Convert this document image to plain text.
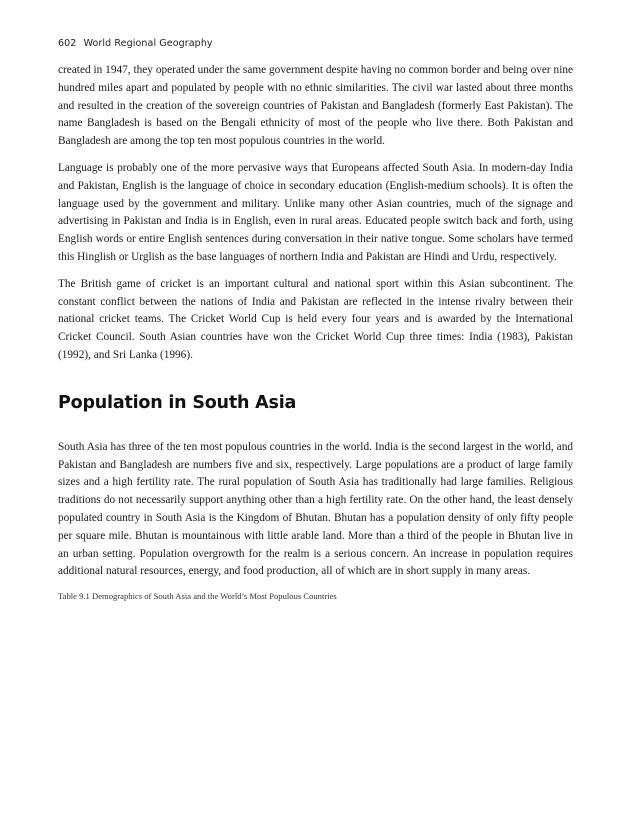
602 World Regional Geography

created in 1947, they operated under the same government despite having no common border and being over nine hundred miles apart and populated by people with no ethnic similarities. The civil war lasted about three months and resulted in the creation of the sovereign countries of Pakistan and Bangladesh (formerly East Pakistan). The name Bangladesh is based on the Bengali ethnicity of most of the people who live there. Both Pakistan and Bangladesh are among the top ten most populous countries in the world.

Language is probably one of the more pervasive ways that Europeans affected South Asia. In modern-day India and Pakistan, English is the language of choice in secondary education (English-medium schools). It is often the language used by the government and military. Unlike many other Asian countries, much of the signage and advertising in Pakistan and India is in English, even in rural areas. Educated people switch back and forth, using English words or entire English sentences during conversation in their native tongue. Some scholars have termed this Hinglish or Urglish as the base languages of northern India and Pakistan are Hindi and Urdu, respectively.

The British game of cricket is an important cultural and national sport within this Asian subcontinent. The constant conflict between the nations of India and Pakistan are reflected in the intense rivalry between their national cricket teams. The Cricket World Cup is held every four years and is awarded by the International Cricket Council. South Asian countries have won the Cricket World Cup three times: India (1983), Pakistan (1992), and Sri Lanka (1996).

Population in South Asia

South Asia has three of the ten most populous countries in the world. India is the second largest in the world, and Pakistan and Bangladesh are numbers five and six, respectively. Large populations are a product of large family sizes and a high fertility rate. The rural population of South Asia has traditionally had large families. Religious traditions do not necessarily support anything other than a high fertility rate. On the other hand, the least densely populated country in South Asia is the Kingdom of Bhutan. Bhutan has a population density of only fifty people per square mile. Bhutan is mountainous with little arable land. More than a third of the people in Bhutan live in an urban setting. Population overgrowth for the realm is a serious concern. An increase in population requires additional natural resources, energy, and food production, all of which are in short supply in many areas.

Table 9.1 Demographics of South Asia and the World’s Most Populous Countries
